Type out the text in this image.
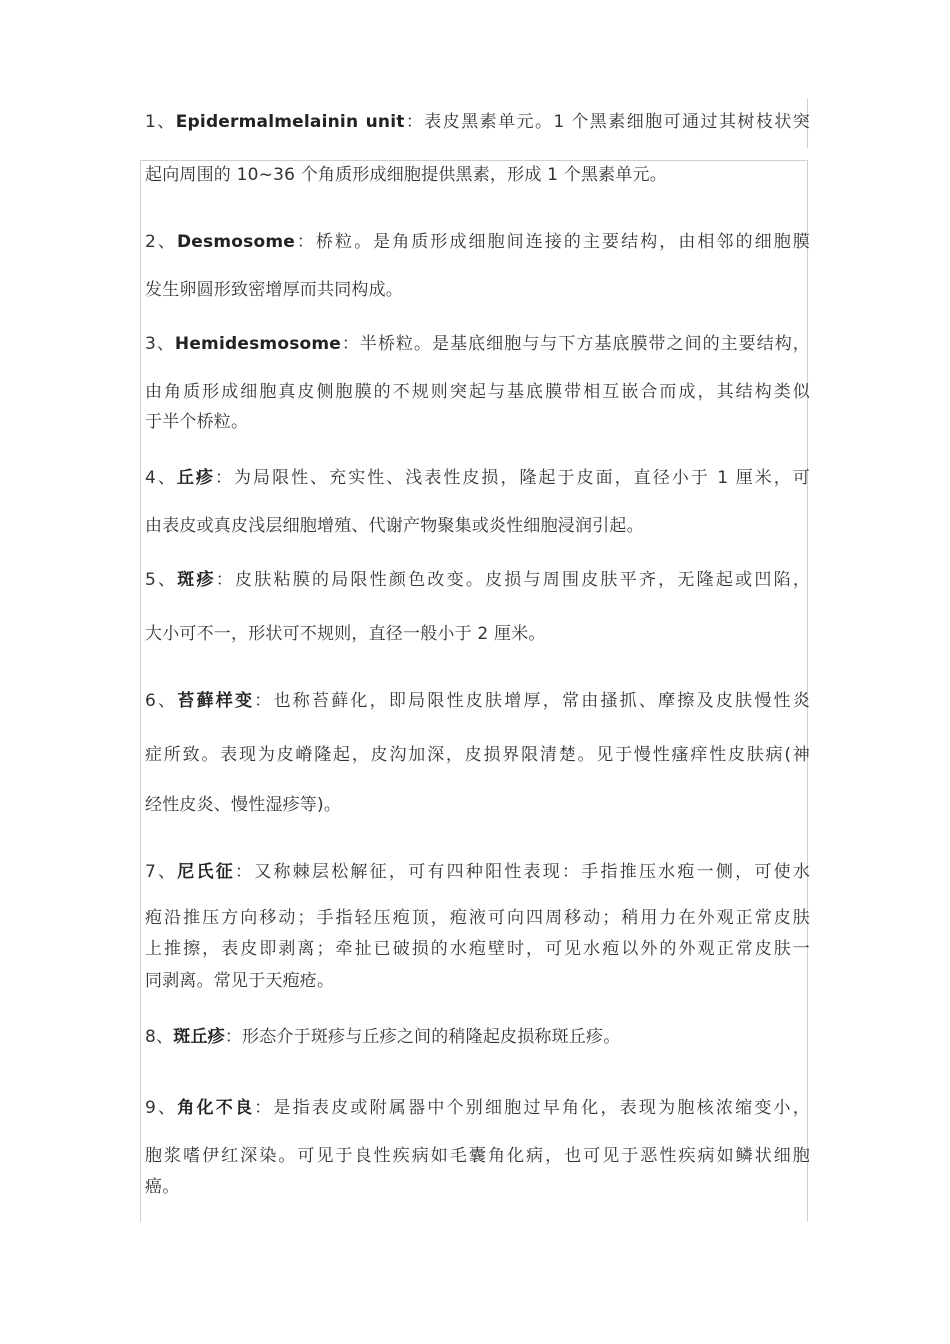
1、Epidermalmelainin unit：表皮黑素单元。1 个黑素细胞可通过其树枝状突
起向周围的 10~36 个角质形成细胞提供黑素，形成 1 个黑素单元。
2、Desmosome：桥粒。是角质形成细胞间连接的主要结构，由相邻的细胞膜
发生卵圆形致密增厚而共同构成。
3、Hemidesmosome：半桥粒。是基底细胞与与下方基底膜带之间的主要结构，
由角质形成细胞真皮侧胞膜的不规则突起与基底膜带相互嵌合而成，其结构类似
于半个桥粒。
4、丘疹：为局限性、充实性、浅表性皮损，隆起于皮面，直径小于 1 厘米，可
由表皮或真皮浅层细胞增殖、代谢产物聚集或炎性细胞浸润引起。
5、斑疹：皮肤粘膜的局限性颜色改变。皮损与周围皮肤平齐，无隆起或凹陷，
大小可不一，形状可不规则，直径一般小于 2 厘米。
6、苔藓样变：也称苔藓化，即局限性皮肤增厚，常由搔抓、摩擦及皮肤慢性炎
症所致。表现为皮嵴隆起，皮沟加深，皮损界限清楚。见于慢性瘙痒性皮肤病(神
经性皮炎、慢性湿疹等)。
7、尼氏征：又称棘层松解征，可有四种阳性表现：手指推压水疱一侧，可使水
疱沿推压方向移动；手指轻压疱顶，疱液可向四周移动；稍用力在外观正常皮肤
上推擦，表皮即剥离；牵扯已破损的水疱壁时，可见水疱以外的外观正常皮肤一
同剥离。常见于天疱疮。
8、斑丘疹：形态介于斑疹与丘疹之间的稍隆起皮损称斑丘疹。
9、角化不良：是指表皮或附属器中个别细胞过早角化，表现为胞核浓缩变小，
胞浆嗜伊红深染。可见于良性疾病如毛囊角化病，也可见于恶性疾病如鳞状细胞
癌。
